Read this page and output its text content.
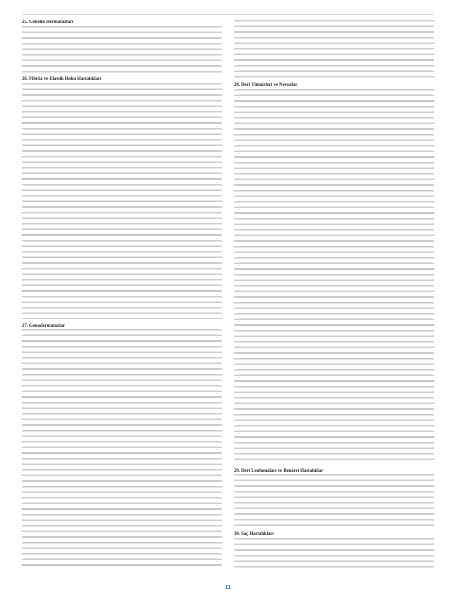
25. Gebelik Dermatozları

26. Fibröz ve Elastik Doku Hastalıkları

27. Genodermatozlar

28. Deri Tümörleri ve Nevuslar

29. Deri Lenfomaları ve Benzeri Hastalıklar

30. Saç Hastalıkları

11
